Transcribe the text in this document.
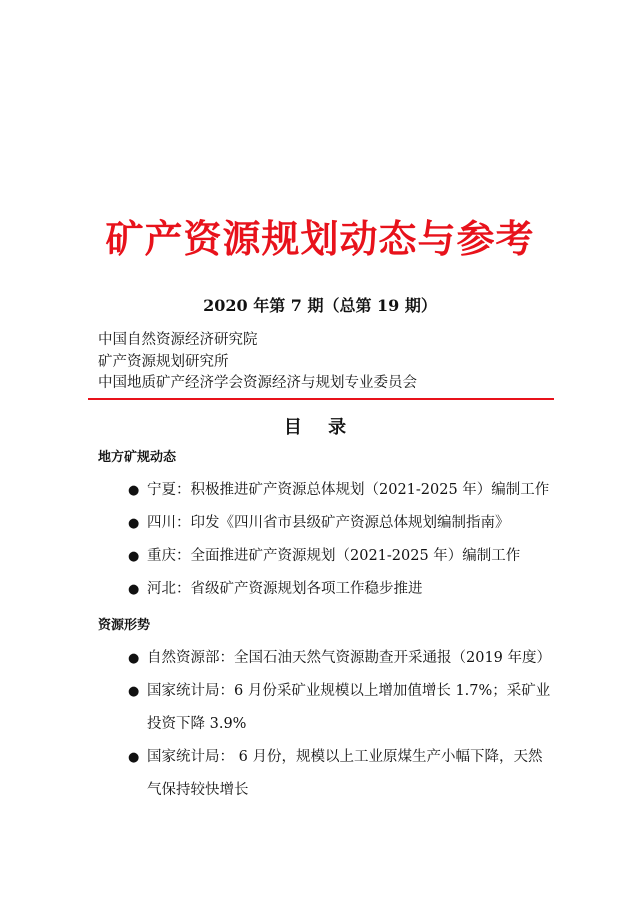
矿产资源规划动态与参考
2020 年第 7 期（总第 19 期）
中国自然资源经济研究院
矿产资源规划研究所
中国地质矿产经济学会资源经济与规划专业委员会
目 录
地方矿规动态
● 宁夏：积极推进矿产资源总体规划（2021-2025 年）编制工作
● 四川：印发《四川省市县级矿产资源总体规划编制指南》
● 重庆：全面推进矿产资源规划（2021-2025 年）编制工作
● 河北：省级矿产资源规划各项工作稳步推进
资源形势
● 自然资源部：全国石油天然气资源勘查开采通报（2019 年度）
● 国家统计局：6 月份采矿业规模以上增加值增长 1.7%；采矿业投资下降 3.9%
● 国家统计局： 6 月份，规模以上工业原煤生产小幅下降，天然气保持较快增长
